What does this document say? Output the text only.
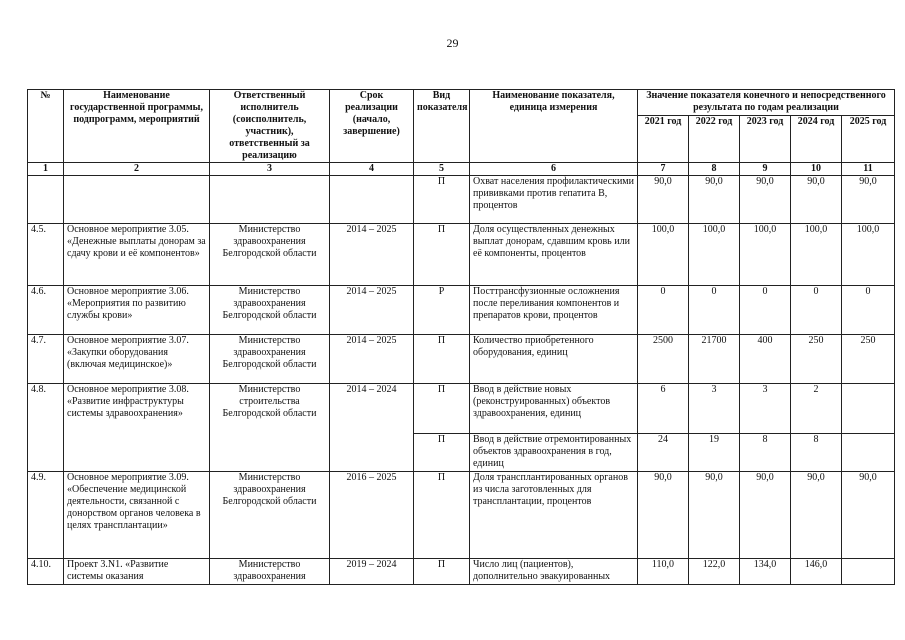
29
№	Наименование государственной программы, подпрограмм, мероприятий	Ответственный исполнитель (соисполнитель, участник), ответственный за реализацию	Срок реализации (начало, завершение)	Вид показателя	Наименование показателя, единица измерения	Значение показателя конечного и непосредственного результата по годам реализации				
						2021 год	2022 год	2023 год	2024 год	2025 год
1	2	3	4	5	6	7	8	9	10	11
				П	Охват населения профилактическими прививками против гепатита В, процентов	90,0	90,0	90,0	90,0	90,0
4.5.	Основное мероприятие 3.05. «Денежные выплаты донорам за сдачу крови и её компонентов»	Министерство здравоохранения Белгородской области	2014 – 2025	П	Доля осуществленных денежных выплат донорам, сдавшим кровь или её компоненты, процентов	100,0	100,0	100,0	100,0	100,0
4.6.	Основное мероприятие 3.06. «Мероприятия по развитию службы крови»	Министерство здравоохранения Белгородской области	2014 – 2025	Р	Посттрансфузионные осложнения после переливания компонентов и препаратов крови, процентов	0	0	0	0	0
4.7.	Основное мероприятие 3.07. «Закупки оборудования (включая медицинское)»	Министерство здравоохранения Белгородской области	2014 – 2025	П	Количество приобретенного оборудования, единиц	2500	21700	400	250	250
4.8.	Основное мероприятие 3.08. «Развитие инфраструктуры системы здравоохранения»	Министерство строительства Белгородской области	2014 – 2024	П	Ввод в действие новых (реконструированных) объектов здравоохранения, единиц	6	3	3	2	
				П	Ввод в действие отремонтированных объектов здравоохранения в год, единиц	24	19	8	8	
4.9.	Основное мероприятие 3.09. «Обеспечение медицинской деятельности, связанной с донорством органов человека в целях трансплантации»	Министерство здравоохранения Белгородской области	2016 – 2025	П	Доля трансплантированных органов из числа заготовленных для трансплантации, процентов	90,0	90,0	90,0	90,0	90,0
4.10.	Проект 3.N1. «Развитие системы оказания	Министерство здравоохранения	2019 – 2024	П	Число лиц (пациентов), дополнительно эвакуированных	110,0	122,0	134,0	146,0	
